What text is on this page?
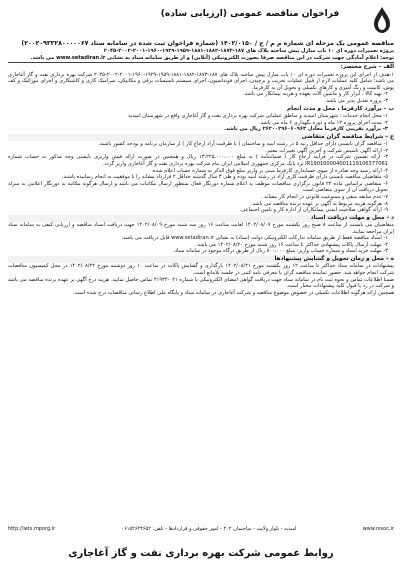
فراخوان مناقصه عمومی (ارزیابی ساده)
مناقصه عمومی یک مرحله ای شماره م م / ج / ۱۴۰۲/۰۱۵۰ (شماره فراخوان ثبت شده در سامانه ستاد ۲۰۰۲۰۹۳۲۲۸۰۰۰۰۰۶۷)
پروژه تعمیرات دوره ای ۱۰ باب منازل پیش ساخته پلاک های ۱۸۷-۱۸۷۳-۱۸۸۲-۱۸۸۱-۱۹۵۹-۱۹۲۹-۱۹۶۰-۲۰۰۱-۲۰۰۲-۲۰۴۵
توجه: اعلام آمادگی جهت شرکت در این مناقصه صرفا بصورت الکترونیکی (آنلاین) و از طریق سامانه ستاد به نشانی www.setadiran.ir می باشد.
الف – شرح مختصر:
۱-هدف از اجرای این پروژه تعمیرات دوره ای ۱۰ باب منازل پیش ساخته پلاک های ۱۸۷-۱۸۷۳-۱۸۸۲-۱۸۸۱-۱۹۵۹-۱۹۲۹-۱۹۶۰-۲۰۰۱-۲۰۰۲-۲۰۴۵ شرکت بهره برداری نفت و گاز آغاجاری می باشد؛ شامل کلیه عملیات لازم از قبیل عملیات تخریب و برچیدن، اجرای فونداسیون، اجرای سیستم تاسیسات برقی و مکانیکی، سرامیک کاری و کاشیکاری و اجرای موزائیک و کف پوش، کابینت و رنگ آمیزی و کارهای تکمیلی و تحویل آن به کارفرما.
۲- تهیه کالا ، ابزار کار و ماشین آلات بعهده و هزینه پیمانکار می باشد.
۳- پروژه تعدیل پذیر می باشد.
ب – برآورد کارفرما ، محل و مدت انجام
۱- محل انجام خدمات : شهرستان امیدیه و مناطق عملیاتی شرکت بهره برداری نفت و گاز آغاجاری واقع در شهرستان امیدیه
۲- مدت اجرای پروژه ۱۲ ماه و دوره نگهداری ۶ ماه می باشد.
۳- برآورد تقریبی کارفرما معادل ۲۶۲۰۰۲۹۶۰۶۰۹۶۳ ریال می باشد.
ج – شرایط مناقصه گران متقاضی
۱- مناقصه گران بایستی دارای حداقل رتبه ۵ در رشته ابنیه و ساختمان ( با ظرفیت آزاد ارجاع کار ) از سازمان برنامه و بودجه کشور باشند.
۲- ارائه آگهی تاسیس شرکت و آخرین آگهی تغییرات معتبر.
۳- ارائه تضمین شرکت در فرآیند ارجاع کار ( ضمانتنامه ) به مبلغ ۱۳،۲۲۵،۰۰۰،۰۰۰ ریال و همچنین در صورت ارائه فیش واریزی بایستی وجه مذکور به حساب شماره IR190100004001119106377061 نزد بانک مرکزی جمهوری اسلامی ایران بنام شرکت بهره برداری نفت و گاز آغاجاری واریز گردد.
۴- ارائه رسید وجه صادره از سوی حسابداری کارفرما مبنی بر واریز مبلغ فوق الذکر به شماره حساب اعلام شده.
۵- متقاضیان مناقصه بایستی دارای ظرفیت کاری آزاد در رشته ابنیه بوده و طی ۳ سال گذشته حداقل ۲ قرارداد مشابه را با موفقیت به انجام رسانیده باشند.
۶- متقاضی براساس ماده ۲۲ قانون برگزاری مناقصات موظف به اعلام شماره دورنگار فعال بمنظور ارسال مکاتبات می باشد و ارسال هرگونه مکاتبه به دورنگار اعلامی به منزله تحویل دریافت آن از سوی متقاضی است.
۷- عدم سابقه منفی و ممنوعیت قانونی در انجام کار مشابه .
۸- هرگونه هزینه مربوط به آگهی بر عهده برنده مناقصه می باشد.
۹- ارائه گواهی صلاحیت ایمنی پیمانکاران از اداره کار و تامین اجتماعی.
د – محل و مهلت دریافت اسناد
متقاضیان می بایست از ساعت ۸ صبح روز یکشنبه مورخ ۱۴۰۲/۰۸/۰۷ لغایت ساعت ۱۶ روز سه شنبه مورخ ۱۴۰۲/۰۸/۰۹ جهت دریافت اسناد مناقصه و ارزیابی کیفی به سامانه ستاد ایران مراجعه نمایند.
۱- اسناد مناقصه فقط از طریق سامانه تدارکات الکترونیکی دولت (ستاد) به نشانی www.setadiran.ir قابل دریافت می باشد.
۲- مهلت ارسال پاکات پیشنهادی حداکثر تا ساعت ۱۶ روز شنبه مورخ ۱۴۰۲/۰۸/۲۰ می باشد.
۳- مهلت خرید اسناد و شماره حساب واریز: مبلغ ۸۰۰،۰۰۰ ریال از طریق درگاه موجود در سامانه ستاد.
ه – محل و زمان تحویل و گشایش پیشنهادها
پیشنهادات در سامانه ستاد حداکثر تا ساعت ۱۲ روز یکشنبه مورخ ۱۴۰۲/۰۸/۲۱ بارگذاری و گشایش پاکات در ساعت ۱۰ روز دوشنبه مورخ ۱۴۰۲/۰۸/۲۲ در محل کمیسیون مناقصات شرکت انجام خواهد شد. حضور نماینده مناقصه گران با معرفی نامه کتبی در جلسه بلامانع است.
ضمنا اطلاعات تماس و نحوه ثبت نام در سامانه ستاد جهت دریافت گواهی امضای الکترونیکی با شماره ۰۲۱-۴۱۹۳۴ تماس حاصل نمایید. هزینه درج آگهی بر عهده برنده مناقصه می باشد و شرکت در رد یا قبول کلیه پیشنهادات مختار است.
همچنین ارائه هرگونه اطلاعات تکمیلی در خصوص موضوع مناقصه و شرکت آغاجاری در سامانه ستاد و پایگاه ملی اطلاع رسانی مناقصات درج شده است.
http://iets.mporg.ir	امیدیه - بلوار ولایت - ساختمان ۲۰۲ - امور حقوقی و قراردادها - تلفن: ۰۶۱۵۲۶۲۴۶۵۲	www.nisoc.ir
روابط عمومی شرکت بهره برداری نفت و گاز آغاجاری
